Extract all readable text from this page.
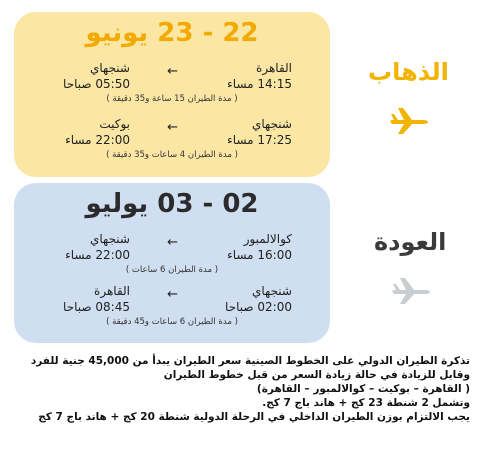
22 - 23 يونيو
القاهرة
14:15 مساء
←
شنجهاي
05:50 صباحا
( مدة الطيران 15 ساعة و35 دقيقة )
شنجهاي
17:25 مساء
←
بوكيت
22:00 مساء
( مدة الطيران 4 ساعات و35 دقيقة )
02 - 03 يوليو
كوالالمبور
16:00 مساء
←
شنجهاي
22:00 مساء
( مدة الطيران 6 ساعات )
شنجهاي
02:00 صباحا
←
القاهرة
08:45 صباحا
( مدة الطيران 6 ساعات و45 دقيقة )
الذهاب
العودة
تذكرة الطيران الدولي على الخطوط الصينية سعر الطيران يبدأ من 45,000 جنية للفرد
وقابل للزيادة في حالة زيادة السعر من قبل خطوط الطيران
( القاهرة – بوكيت – كوالالمبور – القاهرة)
وتشمل 2 شنطة 23 كج + هاند باج 7 كج.
يجب الالتزام بوزن الطيران الداخلي في الرحلة الدولية شنطة 20 كج + هاند باج 7 كج
